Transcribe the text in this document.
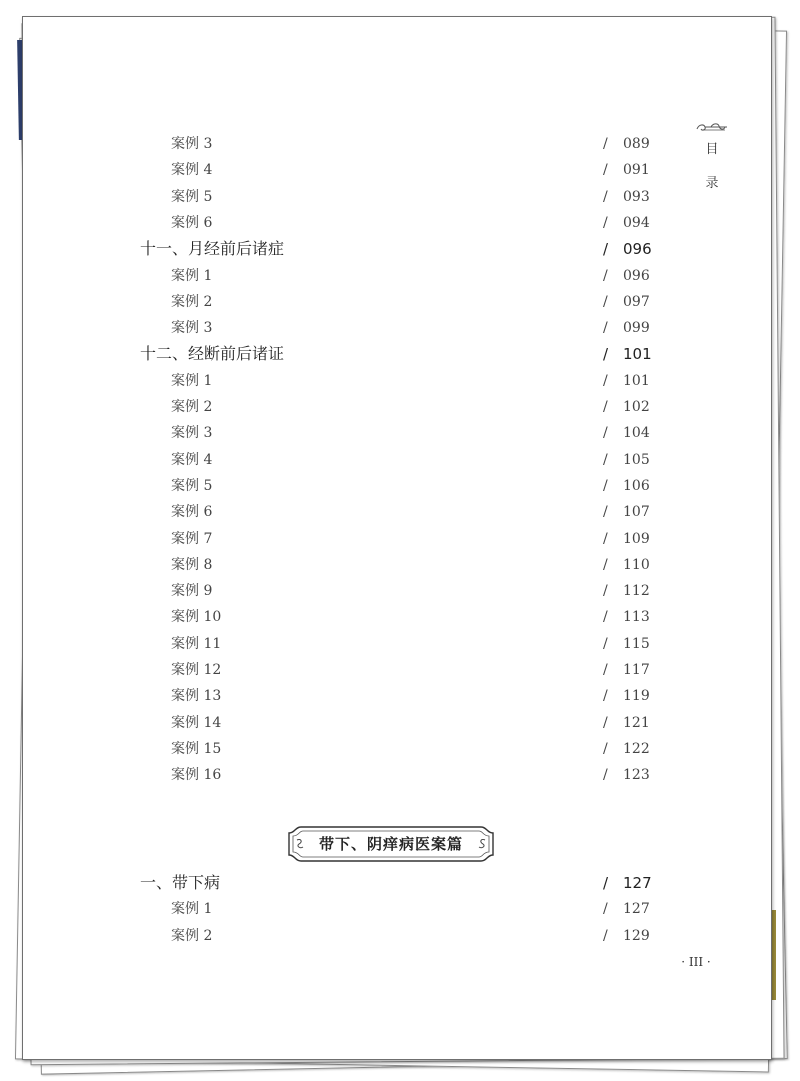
目
录
案例 3	/ 089
案例 4	/ 091
案例 5	/ 093
案例 6	/ 094
十一、月经前后诸症	/ 096
案例 1	/ 096
案例 2	/ 097
案例 3	/ 099
十二、经断前后诸证	/ 101
案例 1	/ 101
案例 2	/ 102
案例 3	/ 104
案例 4	/ 105
案例 5	/ 106
案例 6	/ 107
案例 7	/ 109
案例 8	/ 110
案例 9	/ 112
案例 10	/ 113
案例 11	/ 115
案例 12	/ 117
案例 13	/ 119
案例 14	/ 121
案例 15	/ 122
案例 16	/ 123
带下、阴痒病医案篇
一、带下病	/ 127
案例 1	/ 127
案例 2	/ 129
· III ·
